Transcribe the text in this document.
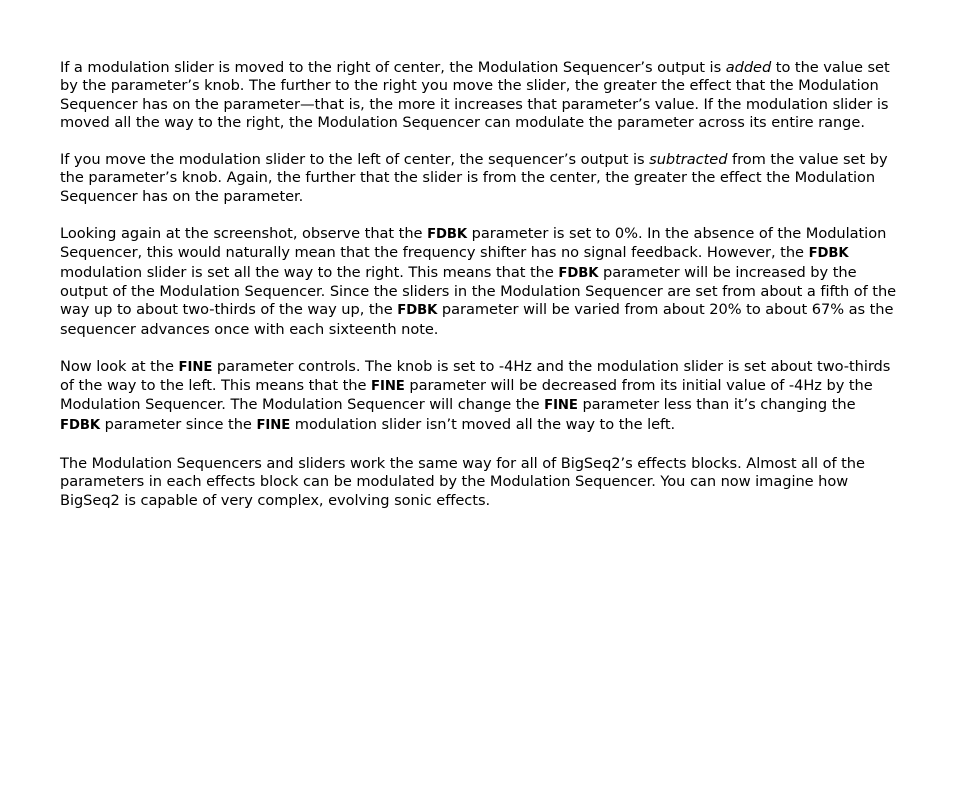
If a modulation slider is moved to the right of center, the Modulation Sequencer’s output is added to the value set by the parameter’s knob. The further to the right you move the slider, the greater the effect that the Modulation Sequencer has on the parameter—that is, the more it increases that parameter’s value. If the modulation slider is moved all the way to the right, the Modulation Sequencer can modulate the parameter across its entire range.

If you move the modulation slider to the left of center, the sequencer’s output is subtracted from the value set by the parameter’s knob. Again, the further that the slider is from the center, the greater the effect the Modulation Sequencer has on the parameter.

Looking again at the screenshot, observe that the FDBK parameter is set to 0%. In the absence of the Modulation Sequencer, this would naturally mean that the frequency shifter has no signal feedback. However, the FDBK modulation slider is set all the way to the right. This means that the FDBK parameter will be increased by the output of the Modulation Sequencer. Since the sliders in the Modulation Sequencer are set from about a fifth of the way up to about two-thirds of the way up, the FDBK parameter will be varied from about 20% to about 67% as the sequencer advances once with each sixteenth note.

Now look at the FINE parameter controls. The knob is set to -4Hz and the modulation slider is set about two-thirds of the way to the left. This means that the FINE parameter will be decreased from its initial value of -4Hz by the Modulation Sequencer. The Modulation Sequencer will change the FINE parameter less than it’s changing the FDBK parameter since the FINE modulation slider isn’t moved all the way to the left.

The Modulation Sequencers and sliders work the same way for all of BigSeq2’s effects blocks. Almost all of the parameters in each effects block can be modulated by the Modulation Sequencer. You can now imagine how BigSeq2 is capable of very complex, evolving sonic effects.
